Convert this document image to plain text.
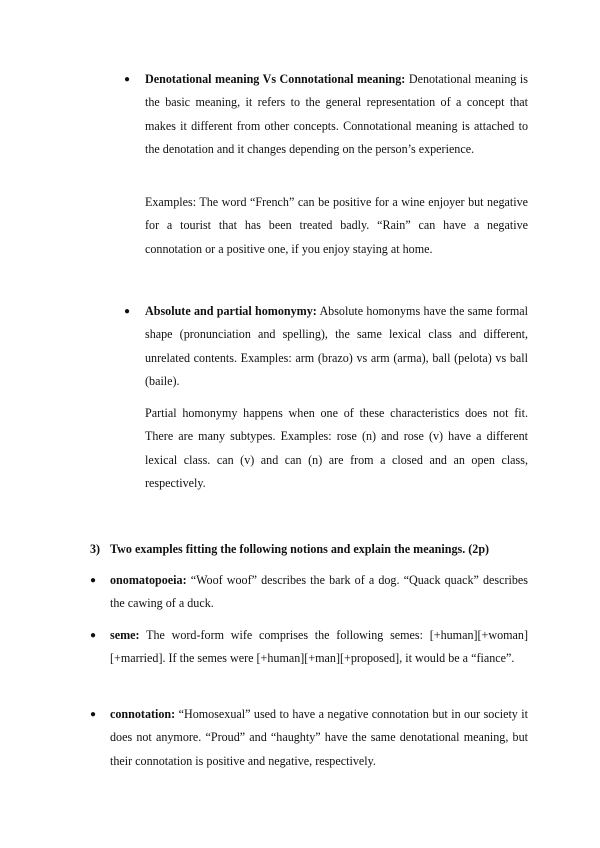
● Denotational meaning Vs Connotational meaning: Denotational meaning is the basic meaning, it refers to the general representation of a concept that makes it different from other concepts. Connotational meaning is attached to the denotation and it changes depending on the person’s experience.
Examples: The word “French” can be positive for a wine enjoyer but negative for a tourist that has been treated badly. “Rain” can have a negative connotation or a positive one, if you enjoy staying at home.
● Absolute and partial homonymy: Absolute homonyms have the same formal shape (pronunciation and spelling), the same lexical class and different, unrelated contents. Examples: arm (brazo) vs arm (arma), ball (pelota) vs ball (baile).
Partial homonymy happens when one of these characteristics does not fit. There are many subtypes. Examples: rose (n) and rose (v) have a different lexical class. can (v) and can (n) are from a closed and an open class, respectively.
3) Two examples fitting the following notions and explain the meanings. (2p)
● onomatopoeia: “Woof woof” describes the bark of a dog. “Quack quack” describes the cawing of a duck.
● seme: The word-form wife comprises the following semes: [+human][+woman][+married]. If the semes were [+human][+man][+proposed], it would be a “fiance”.
● connotation: “Homosexual” used to have a negative connotation but in our society it does not anymore. “Proud” and “haughty” have the same denotational meaning, but their connotation is positive and negative, respectively.
